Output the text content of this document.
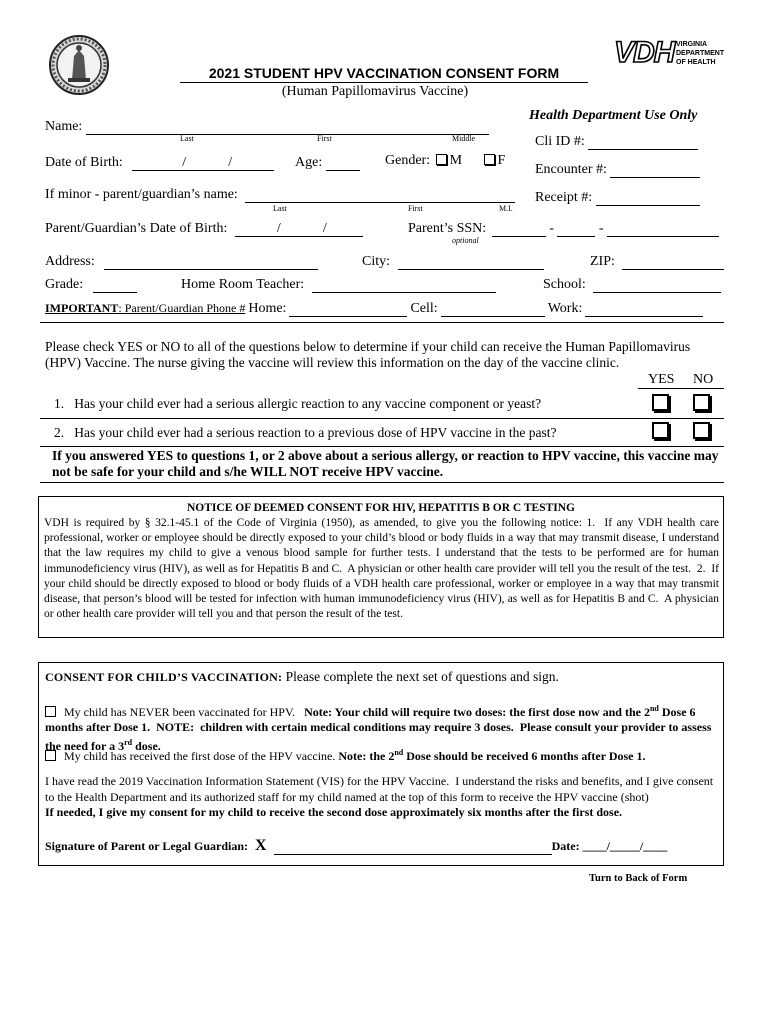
VDH VIRGINIA
DEPARTMENT
OF HEALTH
2021 STUDENT HPV VACCINATION CONSENT FORM
(Human Papillomavirus Vaccine)
Health Department Use Only
Cli ID #:
Encounter #:
Receipt #:
Name:
Last	First	Middle
Date of Birth:	/	/	Age:	Gender: M	F
If minor - parent/guardian’s name:
Last	First	M.I.
Parent/Guardian’s Date of Birth:	/	/	Parent’s SSN:	-	-
optional
Address:	City:	ZIP:
Grade:	Home Room Teacher:	School:
IMPORTANT: Parent/Guardian Phone # Home:	Cell:	Work:
Please check YES or NO to all of the questions below to determine if your child can receive the Human Papillomavirus (HPV) Vaccine. The nurse giving the vaccine will review this information on the day of the vaccine clinic.
YES NO
1.   Has your child ever had a serious allergic reaction to any vaccine component or yeast?
2.   Has your child ever had a serious reaction to a previous dose of HPV vaccine in the past?
If you answered YES to questions 1, or 2 above about a serious allergy, or reaction to HPV vaccine, this vaccine may not be safe for your child and s/he WILL NOT receive HPV vaccine.
NOTICE OF DEEMED CONSENT FOR HIV, HEPATITIS B OR C TESTING
VDH is required by § 32.1-45.1 of the Code of Virginia (1950), as amended, to give you the following notice: 1.  If any VDH health care professional, worker or employee should be directly exposed to your child’s blood or body fluids in a way that may transmit disease, I understand that the law requires my child to give a venous blood sample for further tests. I understand that the tests to be performed are for human immunodeficiency virus (HIV), as well as for Hepatitis B and C.  A physician or other health care provider will tell you the result of the test.  2.  If your child should be directly exposed to blood or body fluids of a VDH health care professional, worker or employee in a way that may transmit disease, that person’s blood will be tested for infection with human immunodeficiency virus (HIV), as well as for Hepatitis B and C.  A physician or other health care provider will tell you and that person the result of the test.
CONSENT FOR CHILD’S VACCINATION: Please complete the next set of questions and sign.
My child has NEVER been vaccinated for HPV.   Note: Your child will require two doses: the first dose now and the 2nd Dose 6 months after Dose 1.  NOTE:  children with certain medical conditions may require 3 doses.  Please consult your provider to assess the need for a 3rd dose.
My child has received the first dose of the HPV vaccine. Note: the 2nd Dose should be received 6 months after Dose 1.
I have read the 2019 Vaccination Information Statement (VIS) for the HPV Vaccine.  I understand the risks and benefits, and I give consent to the Health Department and its authorized staff for my child named at the top of this form to receive the HPV vaccine (shot)
If needed, I give my consent for my child to receive the second dose approximately six months after the first dose.
Signature of Parent or Legal Guardian: X	Date: ____/_____/____
Turn to Back of Form
